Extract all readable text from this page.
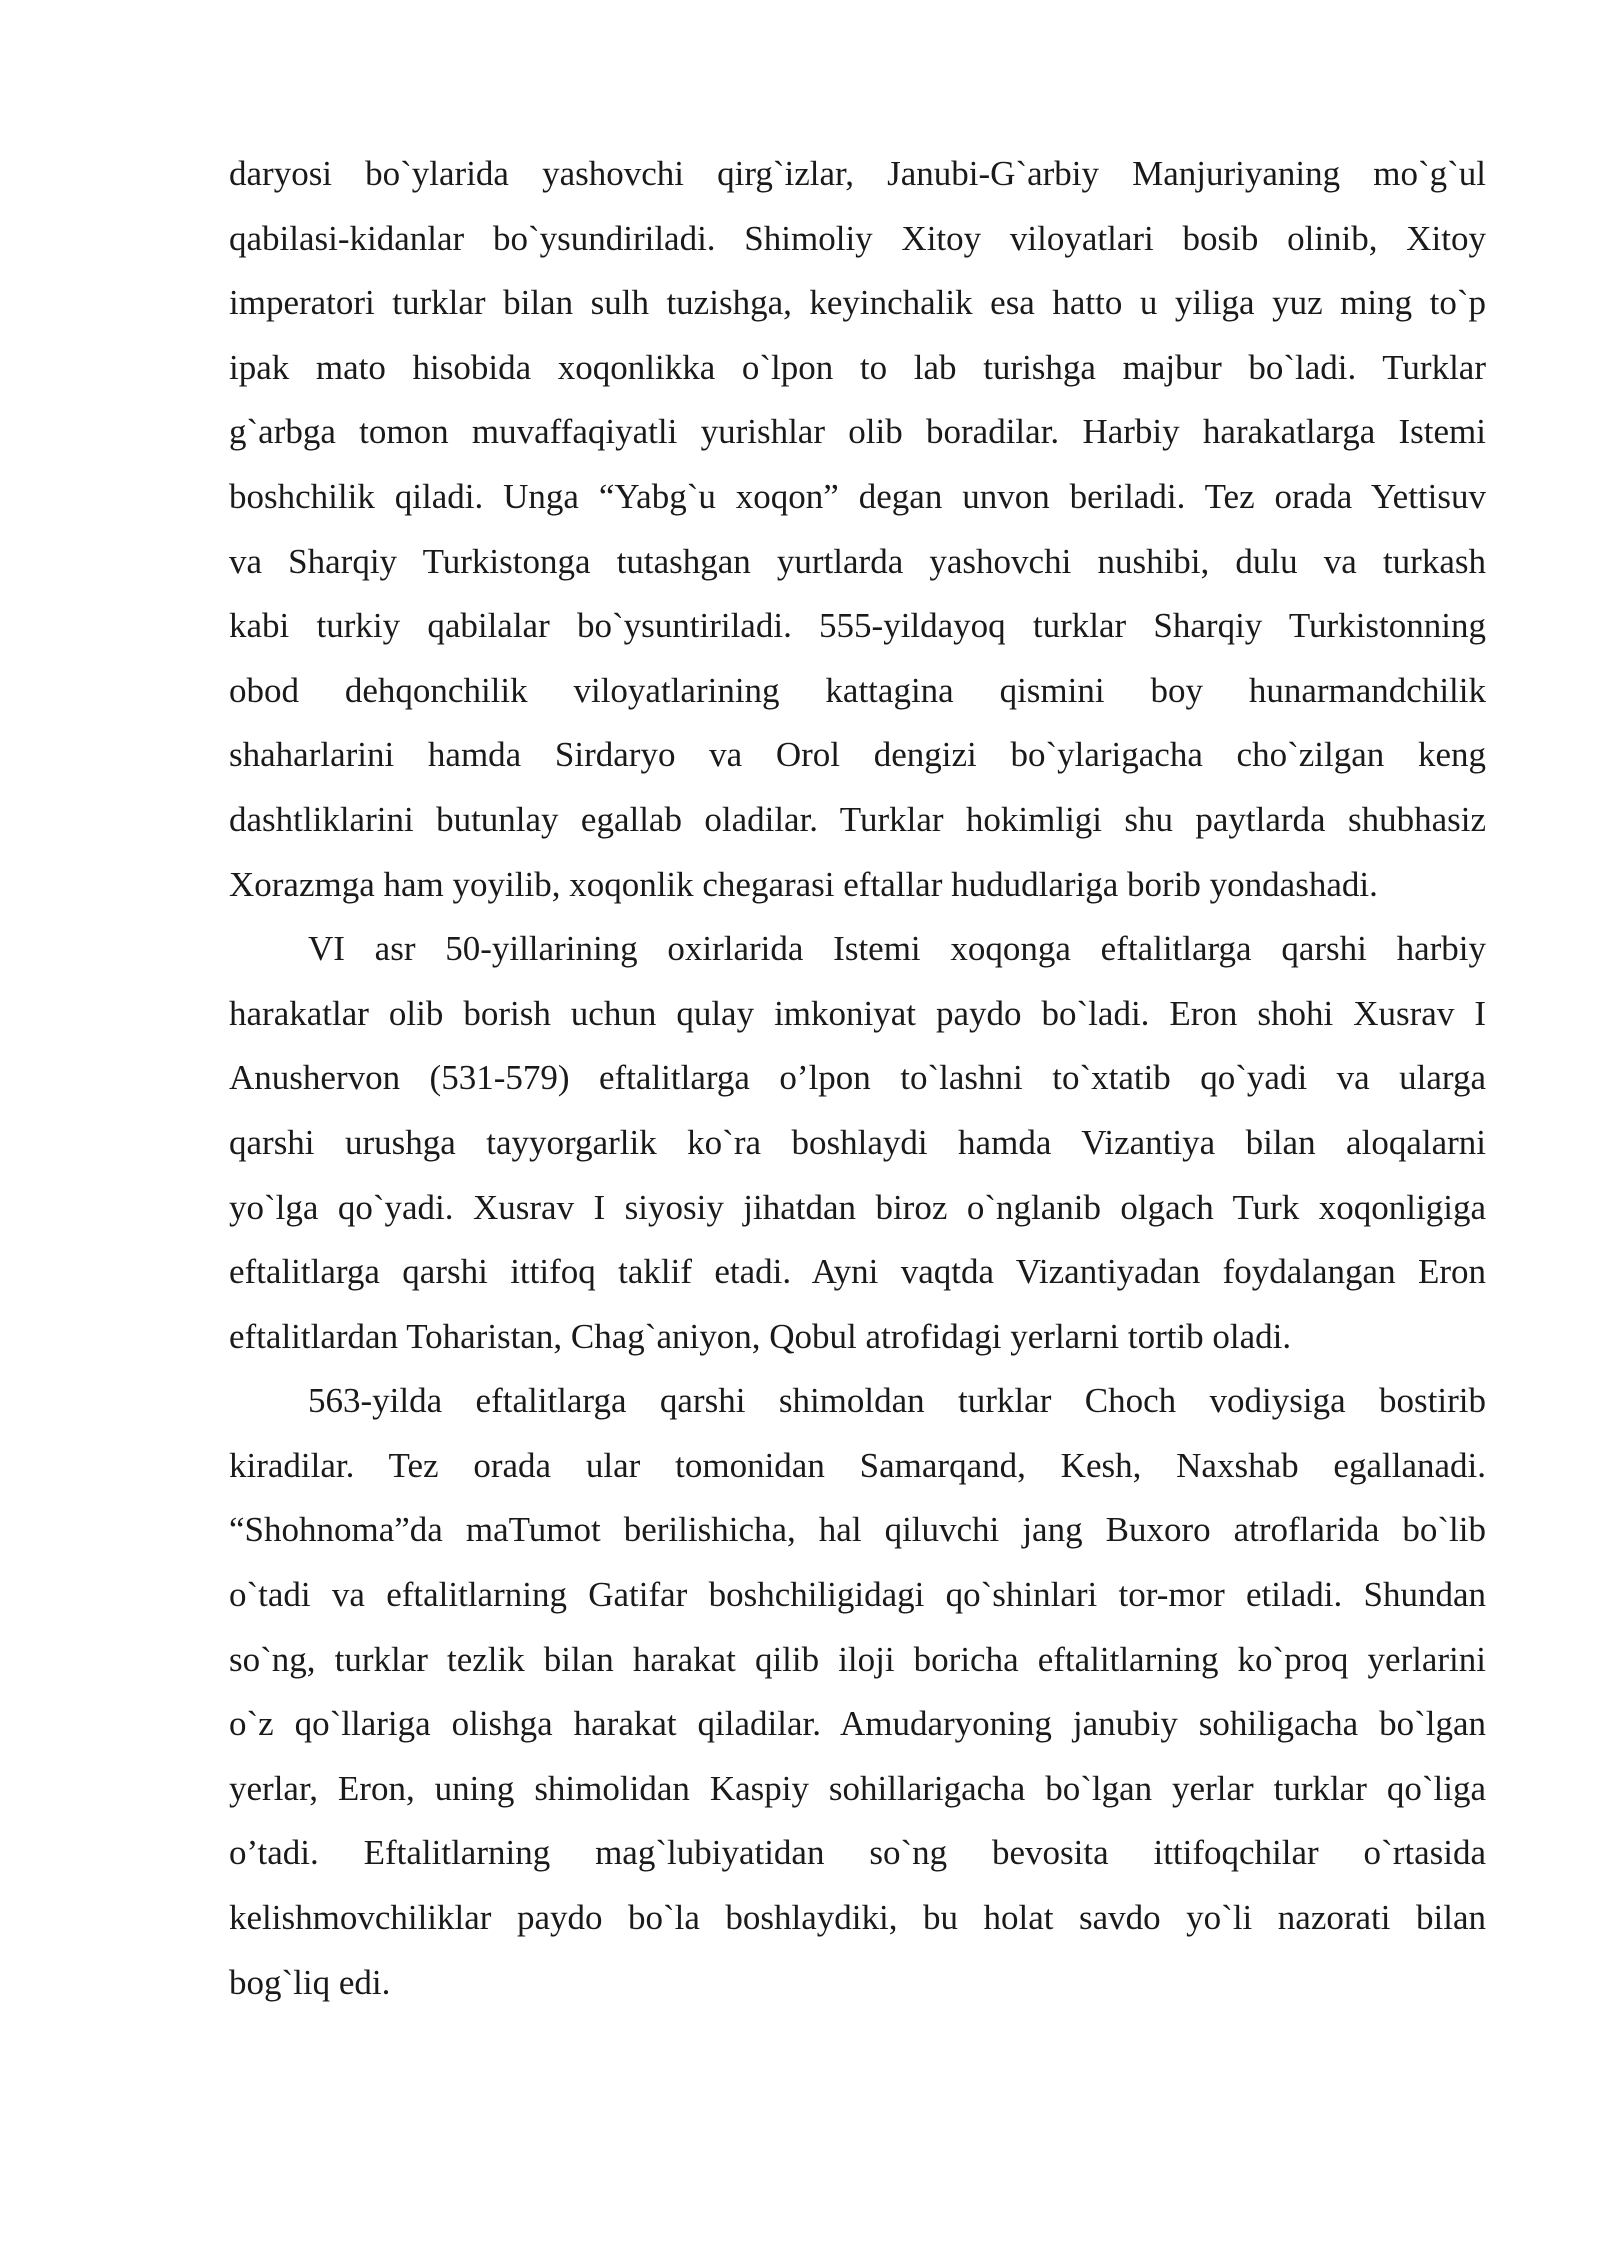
daryosi bo`ylarida yashovchi qirg`izlar, Janubi-G`arbiy Manjuriyaning mo`g`ul
qabilasi-kidanlar bo`ysundiriladi. Shimoliy Xitoy viloyatlari bosib olinib, Xitoy
imperatori turklar bilan sulh tuzishga, keyinchalik esa hatto u yiliga yuz ming to`p
ipak mato hisobida xoqonlikka o`lpon to lab turishga majbur bo`ladi. Turklar
g`arbga tomon muvaffaqiyatli yurishlar olib boradilar. Harbiy harakatlarga Istemi
boshchilik qiladi. Unga “Yabg`u xoqon” degan unvon beriladi. Tez orada Yettisuv
va Sharqiy Turkistonga tutashgan yurtlarda yashovchi nushibi, dulu va turkash
kabi turkiy qabilalar bo`ysuntiriladi. 555-yildayoq turklar Sharqiy Turkistonning
obod dehqonchilik viloyatlarining kattagina qismini boy hunarmandchilik
shaharlarini hamda Sirdaryo va Orol dengizi bo`ylarigacha cho`zilgan keng
dashtliklarini butunlay egallab oladilar. Turklar hokimligi shu paytlarda shubhasiz
Xorazmga ham yoyilib, xoqonlik chegarasi eftallar hududlariga borib yondashadi.
VI asr 50-yillarining oxirlarida Istemi xoqonga eftalitlarga qarshi harbiy
harakatlar olib borish uchun qulay imkoniyat paydo bo`ladi. Eron shohi Xusrav I
Anushervon (531-579) eftalitlarga o’lpon to`lashni to`xtatib qo`yadi va ularga
qarshi urushga tayyorgarlik ko`ra boshlaydi hamda Vizantiya bilan aloqalarni
yo`lga qo`yadi. Xusrav I siyosiy jihatdan biroz o`nglanib olgach Turk xoqonligiga
eftalitlarga qarshi ittifoq taklif etadi. Ayni vaqtda Vizantiyadan foydalangan Eron
eftalitlardan Toharistan, Chag`aniyon, Qobul atrofidagi yerlarni tortib oladi.
563-yilda eftalitlarga qarshi shimoldan turklar Choch vodiysiga bostirib
kiradilar. Tez orada ular tomonidan Samarqand, Kesh, Naxshab egallanadi.
“Shohnoma”da maTumot berilishicha, hal qiluvchi jang Buxoro atroflarida bo`lib
o`tadi va eftalitlarning Gatifar boshchiligidagi qo`shinlari tor-mor etiladi. Shundan
so`ng, turklar tezlik bilan harakat qilib iloji boricha eftalitlarning ko`proq yerlarini
o`z qo`llariga olishga harakat qiladilar. Amudaryoning janubiy sohiligacha bo`lgan
yerlar, Eron, uning shimolidan Kaspiy sohillarigacha bo`lgan yerlar turklar qo`liga
o’tadi. Eftalitlarning mag`lubiyatidan so`ng bevosita ittifoqchilar o`rtasida
kelishmovchiliklar paydo bo`la boshlaydiki, bu holat savdo yo`li nazorati bilan
bog`liq edi.
